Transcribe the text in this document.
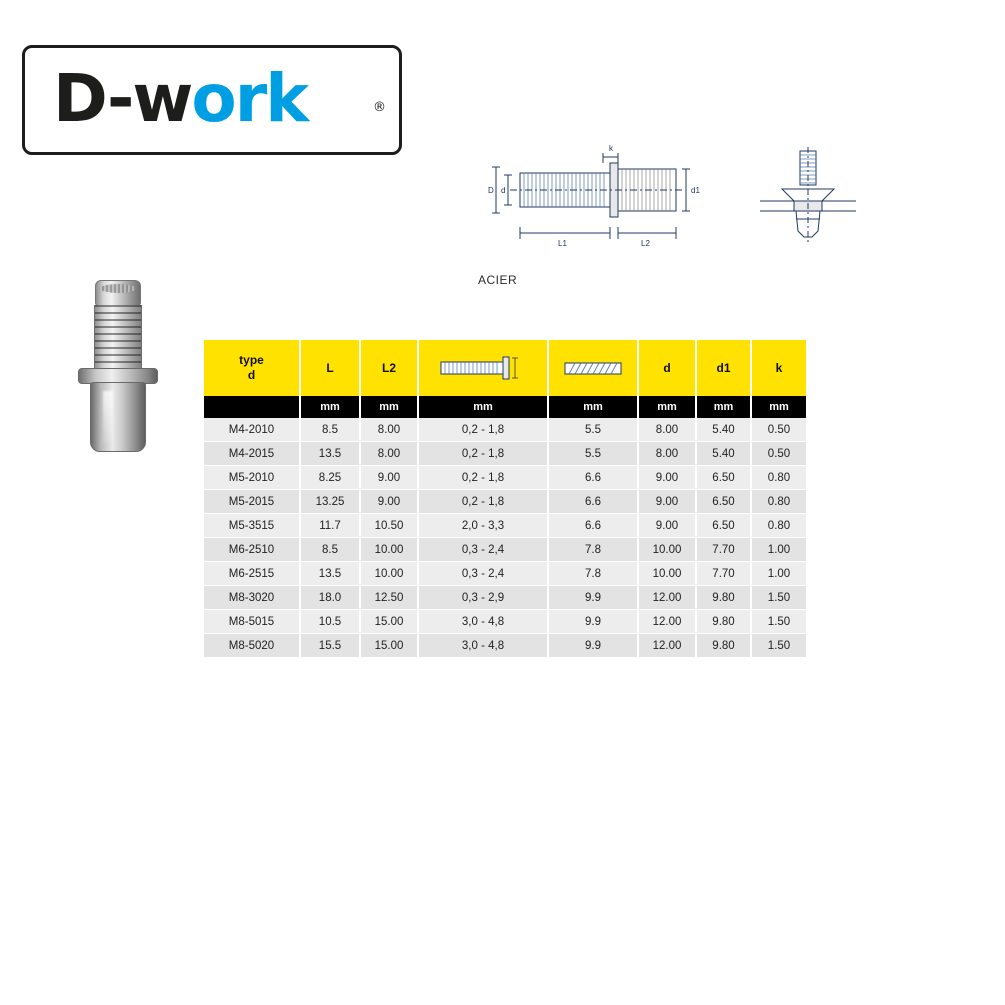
D-work	®
D d	d1
L1	L2
k
ACIER
type
d	L	L2			d	d1	k
	mm	mm	mm	mm	mm	mm	mm
M4-2010	8.5	8.00	0,2 - 1,8	5.5	8.00	5.40	0.50
M4-2015	13.5	8.00	0,2 - 1,8	5.5	8.00	5.40	0.50
M5-2010	8.25	9.00	0,2 - 1,8	6.6	9.00	6.50	0.80
M5-2015	13.25	9.00	0,2 - 1,8	6.6	9.00	6.50	0.80
M5-3515	11.7	10.50	2,0 - 3,3	6.6	9.00	6.50	0.80
M6-2510	8.5	10.00	0,3 - 2,4	7.8	10.00	7.70	1.00
M6-2515	13.5	10.00	0,3 - 2,4	7.8	10.00	7.70	1.00
M8-3020	18.0	12.50	0,3 - 2,9	9.9	12.00	9.80	1.50
M8-5015	10.5	15.00	3,0 - 4,8	9.9	12.00	9.80	1.50
M8-5020	15.5	15.00	3,0 - 4,8	9.9	12.00	9.80	1.50
